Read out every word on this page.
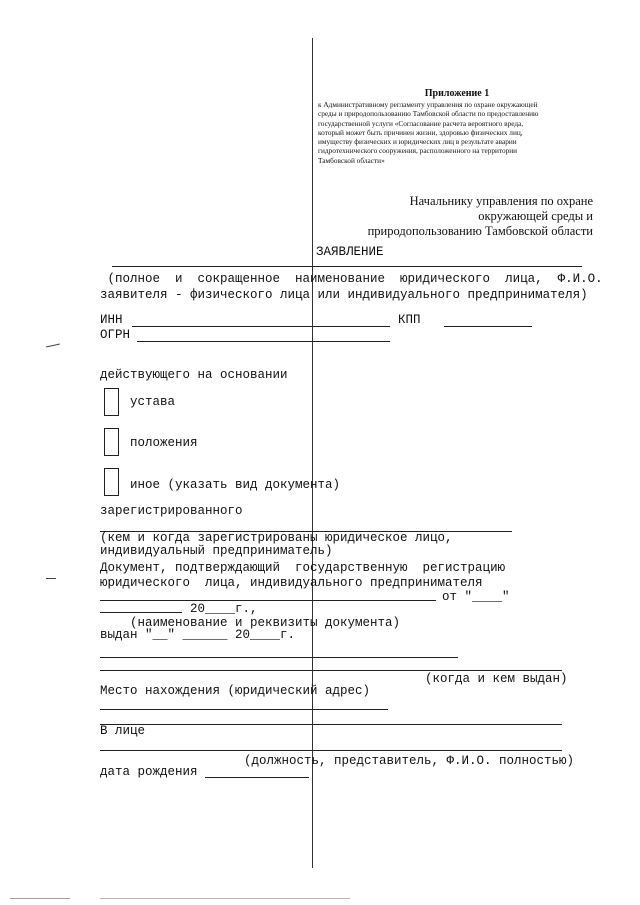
Приложение 1
к Административному регламенту управления по охране окружающей
среды и природопользованию Тамбовской области по предоставлению
государственной услуги «Согласование расчета вероятного вреда,
который может быть причинен жизни, здоровью физических лиц,
имуществу физических и юридических лиц в результате аварии
гидротехнического сооружения, расположенного на территории
Тамбовской области»
Начальнику управления по охране
окружающей среды и
природопользованию Тамбовской области
ЗАЯВЛЕНИЕ
(полное  и  сокращенное  наименование  юридического  лица,  Ф.И.О.
заявителя - физического лица или индивидуального предпринимателя)
ИНН	КПП
ОГРН
действующего на основании
устава
положения
иное (указать вид документа)
зарегистрированного
(кем и когда зарегистрированы юридическое лицо,
индивидуальный предприниматель)
Документ, подтверждающий  государственную  регистрацию
юридического  лица, индивидуального предпринимателя
от "____"
20____г.,
(наименование и реквизиты документа)
выдан "__" ______ 20____г.
(когда и кем выдан)
Место нахождения (юридический адрес)
В лице
(должность, представитель, Ф.И.О. полностью)
дата рождения
